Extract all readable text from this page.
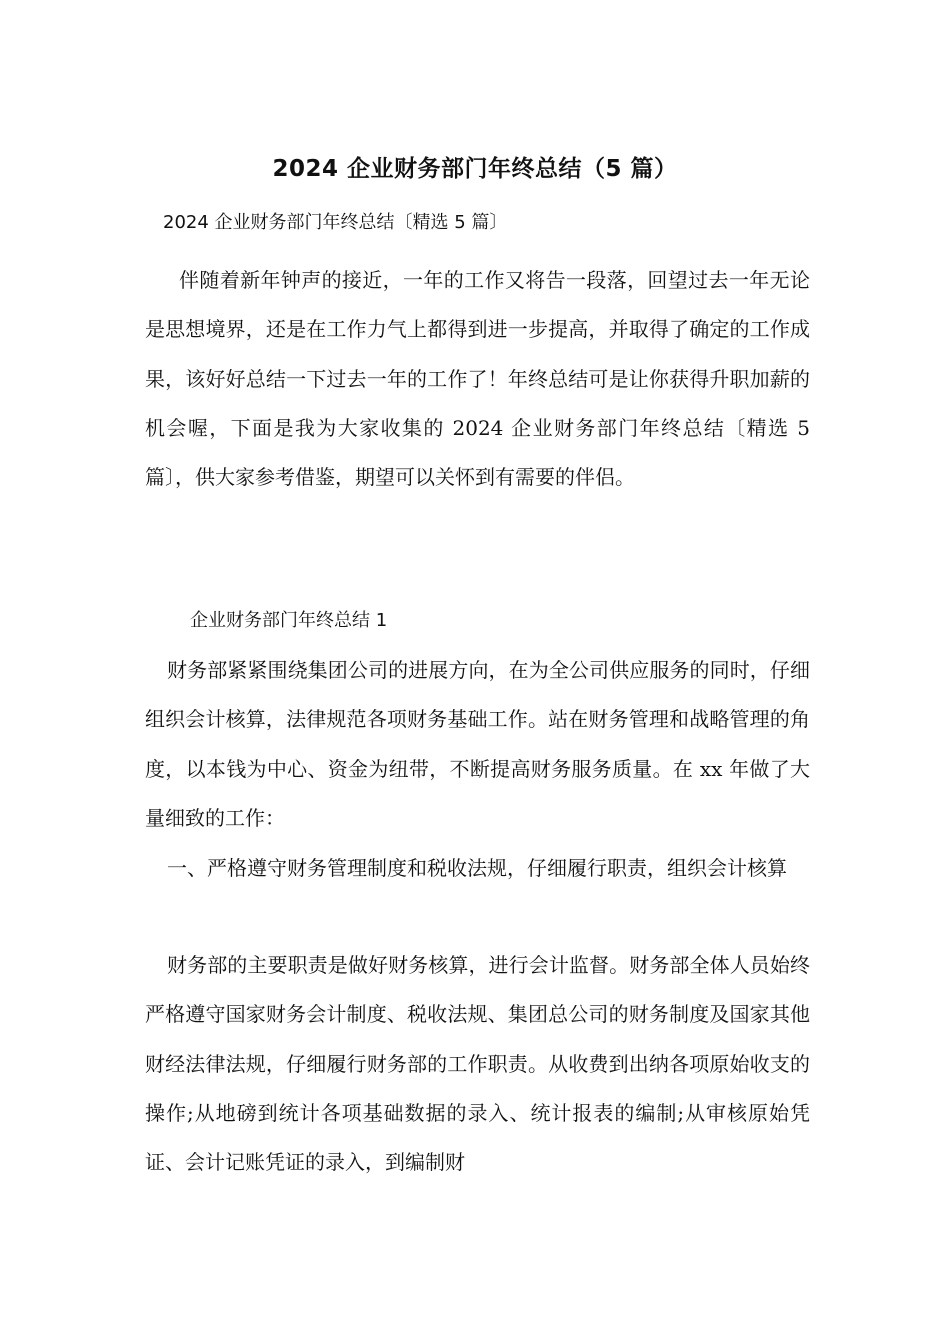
2024 企业财务部门年终总结（5 篇）
2024 企业财务部门年终总结〔精选 5 篇〕
伴随着新年钟声的接近，一年的工作又将告一段落，回望过去一年无论是思想境界，还是在工作力气上都得到进一步提高，并取得了确定的工作成果，该好好总结一下过去一年的工作了！年终总结可是让你获得升职加薪的机会喔，下面是我为大家收集的 2024 企业财务部门年终总结〔精选 5 篇〕，供大家参考借鉴，期望可以关怀到有需要的伴侣。
企业财务部门年终总结 1
财务部紧紧围绕集团公司的进展方向，在为全公司供应服务的同时，仔细组织会计核算，法律规范各项财务基础工作。站在财务管理和战略管理的角度，以本钱为中心、资金为纽带，不断提高财务服务质量。在 xx 年做了大量细致的工作：
一、严格遵守财务管理制度和税收法规，仔细履行职责，组织会计核算
财务部的主要职责是做好财务核算，进行会计监督。财务部全体人员始终严格遵守国家财务会计制度、税收法规、集团总公司的财务制度及国家其他财经法律法规，仔细履行财务部的工作职责。从收费到出纳各项原始收支的操作;从地磅到统计各项基础数据的录入、统计报表的编制;从审核原始凭证、会计记账凭证的录入，到编制财
